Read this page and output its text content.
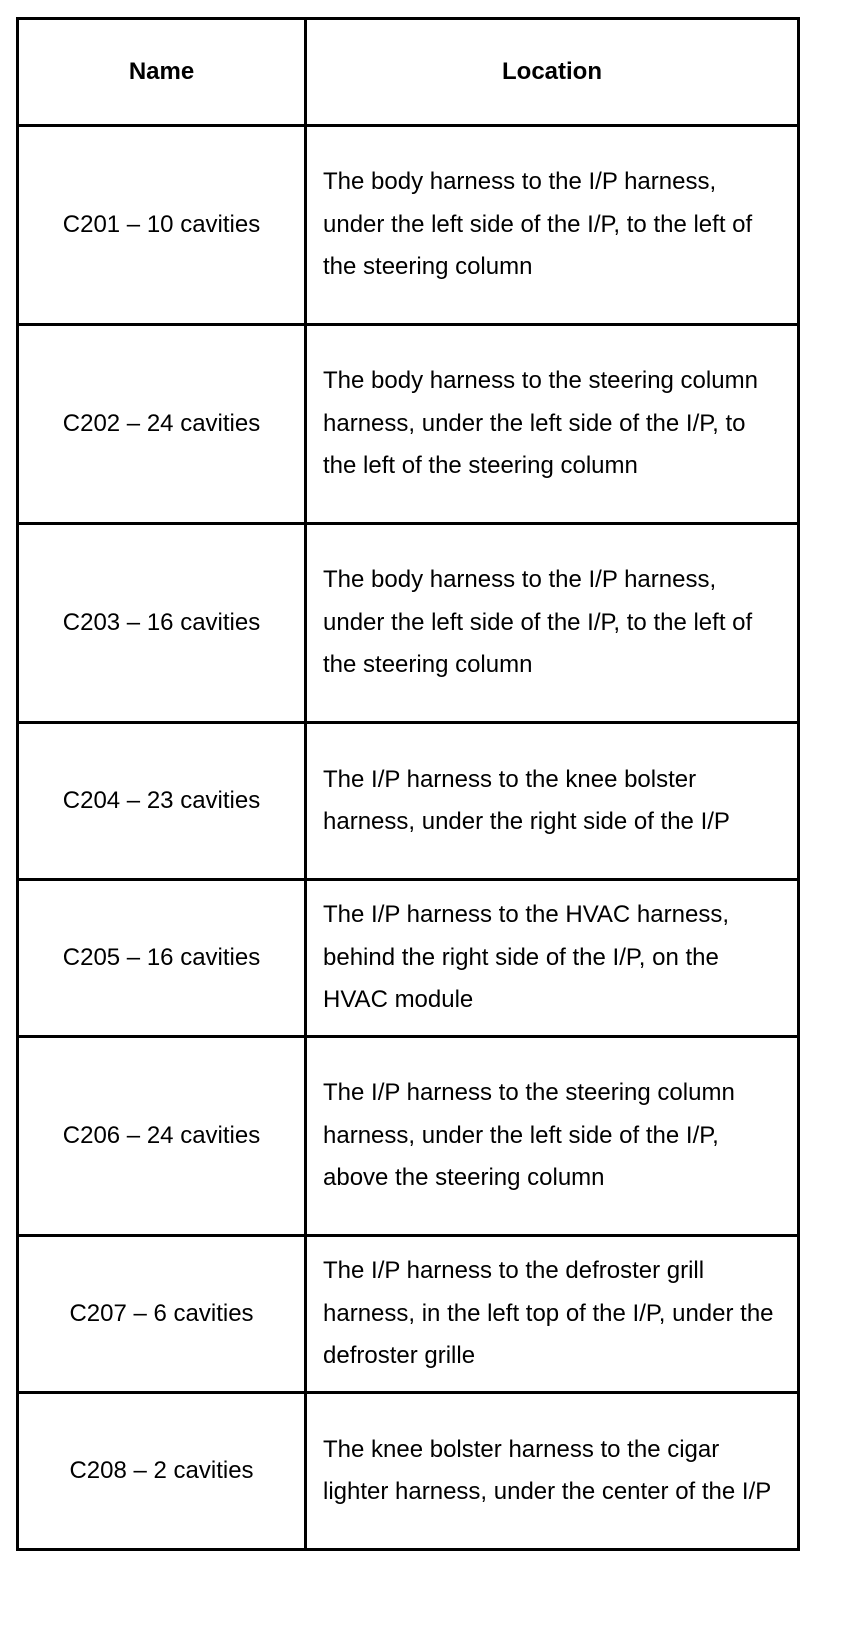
Name	Location
C201 – 10 cavities	The body harness to the I/P harness, under the left side of the I/P, to the left of the steering column
C202 – 24 cavities	The body harness to the steering column harness, under the left side of the I/P, to the left of the steering column
C203 – 16 cavities	The body harness to the I/P harness, under the left side of the I/P, to the left of the steering column
C204 – 23 cavities	The I/P harness to the knee bolster harness, under the right side of the I/P
C205 – 16 cavities	The I/P harness to the HVAC harness, behind the right side of the I/P, on the HVAC module
C206 – 24 cavities	The I/P harness to the steering column harness, under the left side of the I/P, above the steering column
C207 – 6 cavities	The I/P harness to the defroster grill harness, in the left top of the I/P, under the defroster grille
C208 – 2 cavities	The knee bolster harness to the cigar lighter harness, under the center of the I/P
